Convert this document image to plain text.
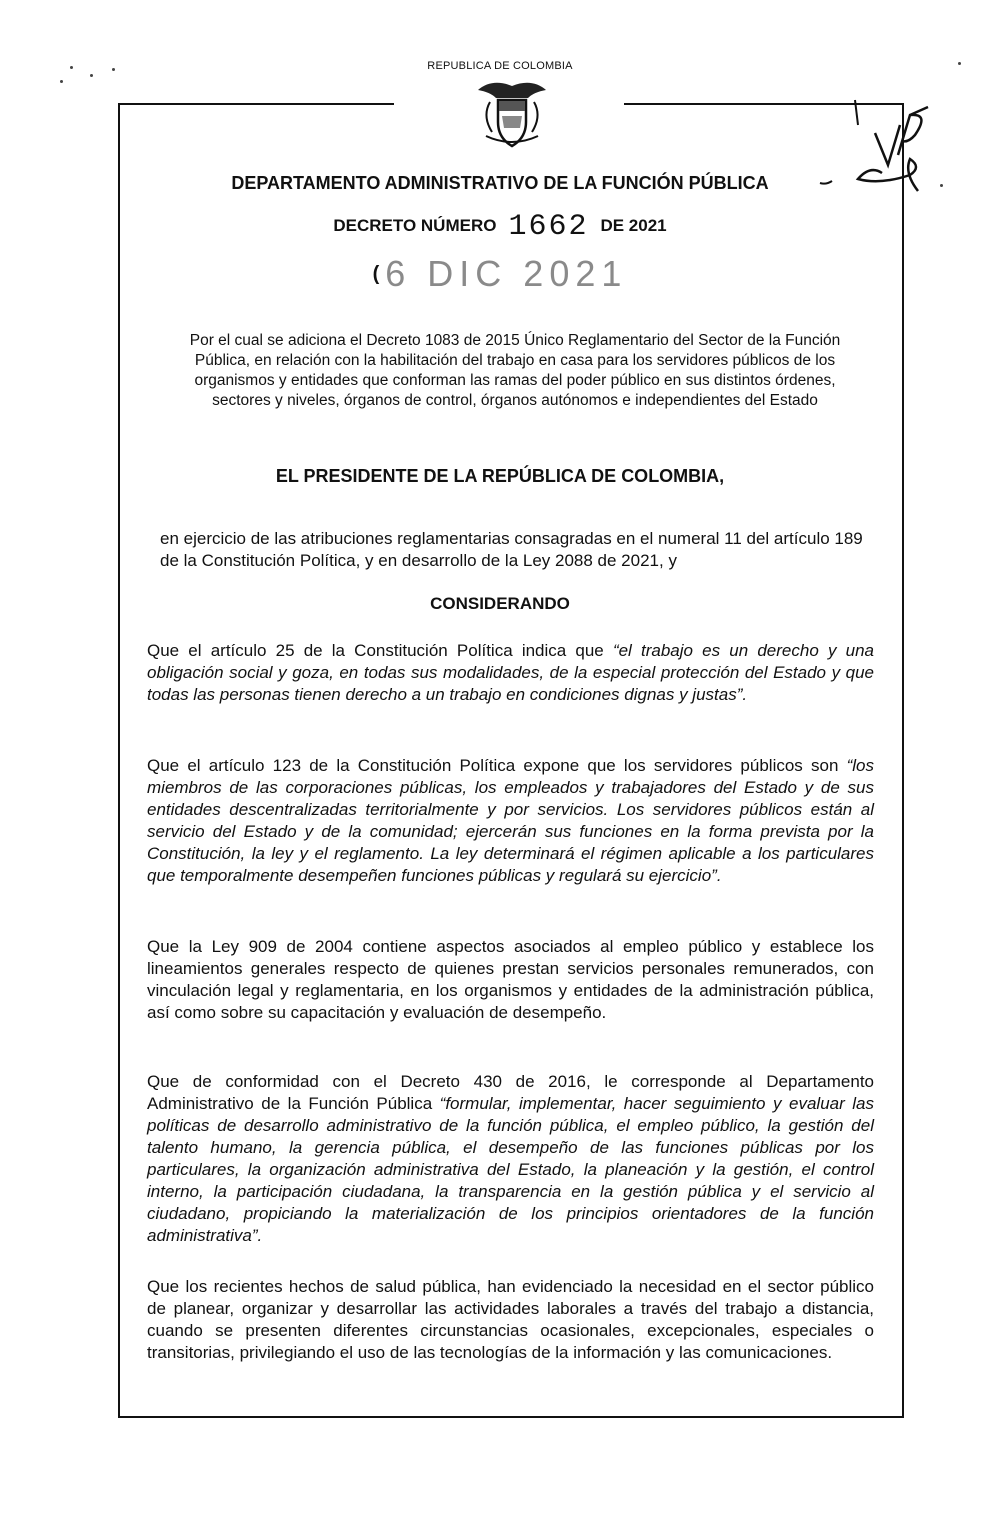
REPUBLICA DE COLOMBIA
DEPARTAMENTO ADMINISTRATIVO DE LA FUNCIÓN PÚBLICA
DECRETO NÚMERO 1662 DE 2021
( 6 DIC 2021
Por el cual se adiciona el Decreto 1083 de 2015 Único Reglamentario del Sector de la Función Pública, en relación con la habilitación del trabajo en casa para los servidores públicos de los organismos y entidades que conforman las ramas del poder público en sus distintos órdenes, sectores y niveles, órganos de control, órganos autónomos e independientes del Estado
EL PRESIDENTE DE LA REPÚBLICA DE COLOMBIA,
en ejercicio de las atribuciones reglamentarias consagradas en el numeral 11 del artículo 189 de la Constitución Política, y en desarrollo de la Ley 2088 de 2021, y
CONSIDERANDO
Que el artículo 25 de la Constitución Política indica que “el trabajo es un derecho y una obligación social y goza, en todas sus modalidades, de la especial protección del Estado y que todas las personas tienen derecho a un trabajo en condiciones dignas y justas”.
Que el artículo 123 de la Constitución Política expone que los servidores públicos son “los miembros de las corporaciones públicas, los empleados y trabajadores del Estado y de sus entidades descentralizadas territorialmente y por servicios. Los servidores públicos están al servicio del Estado y de la comunidad; ejercerán sus funciones en la forma prevista por la Constitución, la ley y el reglamento. La ley determinará el régimen aplicable a los particulares que temporalmente desempeñen funciones públicas y regulará su ejercicio”.
Que la Ley 909 de 2004 contiene aspectos asociados al empleo público y establece los lineamientos generales respecto de quienes prestan servicios personales remunerados, con vinculación legal y reglamentaria, en los organismos y entidades de la administración pública, así como sobre su capacitación y evaluación de desempeño.
Que de conformidad con el Decreto 430 de 2016, le corresponde al Departamento Administrativo de la Función Pública “formular, implementar, hacer seguimiento y evaluar las políticas de desarrollo administrativo de la función pública, el empleo público, la gestión del talento humano, la gerencia pública, el desempeño de las funciones públicas por los particulares, la organización administrativa del Estado, la planeación y la gestión, el control interno, la participación ciudadana, la transparencia en la gestión pública y el servicio al ciudadano, propiciando la materialización de los principios orientadores de la función administrativa”.
Que los recientes hechos de salud pública, han evidenciado la necesidad en el sector público de planear, organizar y desarrollar las actividades laborales a través del trabajo a distancia, cuando se presenten diferentes circunstancias ocasionales, excepcionales, especiales o transitorias, privilegiando el uso de las tecnologías de la información y las comunicaciones.
